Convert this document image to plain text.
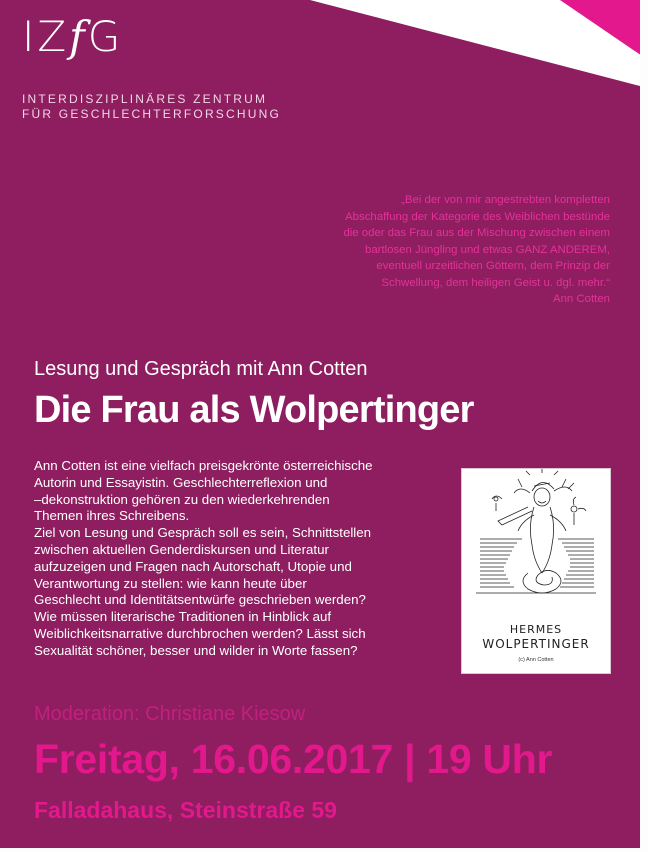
IZfG
INTERDISZIPLINÄRES ZENTRUM
FÜR GESCHLECHTERFORSCHUNG
„Bei der von mir angestrebten kompletten
Abschaffung der Kategorie des Weiblichen bestünde
die oder das Frau aus der Mischung zwischen einem
bartlosen Jüngling und etwas GANZ ANDEREM,
eventuell urzeitlichen Göttern, dem Prinzip der
Schwellung, dem heiligen Geist u. dgl. mehr.“
Ann Cotten
Lesung und Gespräch mit Ann Cotten
Die Frau als Wolpertinger
Ann Cotten ist eine vielfach preisgekrönte österreichische
Autorin und Essayistin. Geschlechterreflexion und
–dekonstruktion gehören zu den wiederkehrenden
Themen ihres Schreibens.
Ziel von Lesung und Gespräch soll es sein, Schnittstellen
zwischen aktuellen Genderdiskursen und Literatur
aufzuzeigen und Fragen nach Autorschaft, Utopie und
Verantwortung zu stellen: wie kann heute über
Geschlecht und Identitätsentwürfe geschrieben werden?
Wie müssen literarische Traditionen in Hinblick auf
Weiblichkeitsnarrative durchbrochen werden? Lässt sich
Sexualität schöner, besser und wilder in Worte fassen?
HERMES
WOLPERTINGER
(c) Ann Cotten
Moderation: Christiane Kiesow
Freitag, 16.06.2017 | 19 Uhr
Falladahaus, Steinstraße 59
